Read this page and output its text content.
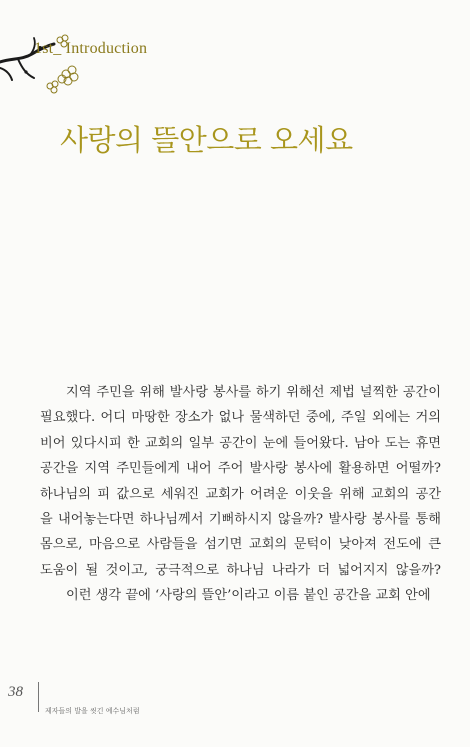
1st_ Introduction
사랑의 뜰안으로 오세요
지역 주민을 위해 발사랑 봉사를 하기 위해선 제법 널찍한 공간이
필요했다. 어디 마땅한 장소가 없나 물색하던 중에, 주일 외에는 거의
비어 있다시피 한 교회의 일부 공간이 눈에 들어왔다. 남아 도는 휴면
공간을 지역 주민들에게 내어 주어 발사랑 봉사에 활용하면 어떨까?
하나님의 피 값으로 세워진 교회가 어려운 이웃을 위해 교회의 공간
을 내어놓는다면 하나님께서 기뻐하시지 않을까? 발사랑 봉사를 통해
몸으로, 마음으로 사람들을 섬기면 교회의 문턱이 낮아져 전도에 큰
도움이 될 것이고, 궁극적으로 하나님 나라가 더 넓어지지 않을까?
이런 생각 끝에 ‘사랑의 뜰안’이라고 이름 붙인 공간을 교회 안에
38
제자들의 발을 씻긴 예수님처럼
